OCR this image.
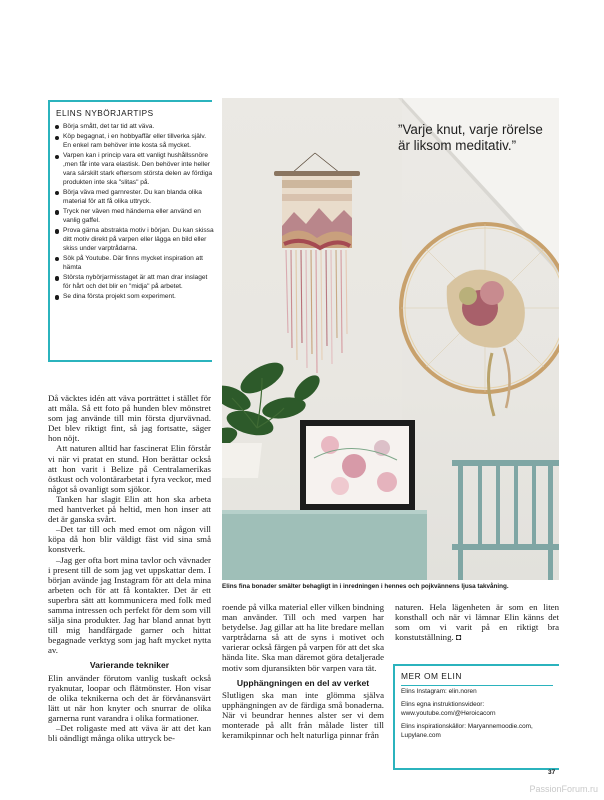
ELINS NYBÖRJARTIPS
Börja smått, det tar tid att väva.
Köp begagnat, i en hobbyaffär eller tillverka själv. En enkel ram behöver inte kosta så mycket.
Varpen kan i princip vara ett vanligt hushållssnöre ,men får inte vara elastisk. Den behöver inte heller vara särskilt stark eftersom största delen av fördiga produkten inte ska "slitas" på.
Börja väva med garnrester. Du kan blanda olika material för att få olika uttryck.
Tryck ner väven med händerna eller använd en vanlig gaffel.
Prova gärna abstrakta motiv i början. Du kan skissa ditt motiv direkt på varpen eller lägga en bild eller skiss under varptrådarna.
Sök på Youtube. Där finns mycket inspiration att hämta
Största nybörjarmisstaget är att man drar inslaget för hårt och det blir en "midja" på arbetet.
Se dina första projekt som experiment.
”Varje knut, varje rörelse är liksom meditativ.”
Elins fina bonader smälter behagligt in i inredningen i hennes och pojkvännens ljusa takvåning.

Då väcktes idén att väva porträttet i stället för att måla. Så ett foto på hunden blev mönstret som jag använde till min första djurvävnad. Det blev riktigt fint, så jag fortsatte, säger hon nöjt.

Att naturen alltid har fascinerat Elin förstår vi när vi pratat en stund. Hon berättar också att hon varit i Belize på Centralamerikas östkust och volontärarbetat i fyra veckor, med något så ovanligt som sjökor.

Tanken har slagit Elin att hon ska arbeta med hantverket på heltid, men hon inser att det är ganska svårt.

–Det tar till och med emot om någon vill köpa då hon blir väldigt fäst vid sina små konstverk.

–Jag ger ofta bort mina tavlor och vävnader i present till de som jag vet uppskattar dem. I början avände jag Instagram för att dela mina arbeten och för att få kontakter. Det är ett superbra sätt att kommunicera med folk med samma intressen och perfekt för dem som vill sälja sina produkter. Jag har bland annat bytt till mig handfärgade garner och hittat begagnade verktyg som jag haft mycket nytta av.

Varierande tekniker

Elin använder förutom vanlig tuskaft också ryaknutar, loopar och flätmönster. Hon visar de olika teknikerna och det är förvånansvärt lätt ut när hon knyter och snurrar de olika garnerna runt varandra i olika formationer.

–Det roligaste med att väva är att det kan bli oändligt många olika uttryck be-

roende på vilka material eller vilken bindning man använder. Till och med varpen har betydelse. Jag gillar att ha lite bredare mellan varptrådarna så att de syns i motivet och varierar också färgen på varpen för att det ska hända lite. Ska man däremot göra detaljerade motiv som djuransikten bör varpen vara tät.

Upphängningen en del av verket

Slutligen ska man inte glömma själva upphängningen av de färdiga små bonaderna. När vi beundrar hennes alster ser vi dem monterade på allt från målade lister till keramikpinnar och helt naturliga pinnar från

naturen. Hela lägenheten är som en liten konsthall och när vi lämnar Elin känns det som om vi varit på en riktigt bra konstutställning. ◘

MER OM ELIN
Elins Instagram: elin.noren
Elins egna instruktionsvideor: www.youtube.com/@Heroicacorn
Elins inspirationskällor: Maryannemoodie.com, Lupylane.com
37
PassionForum.ru
